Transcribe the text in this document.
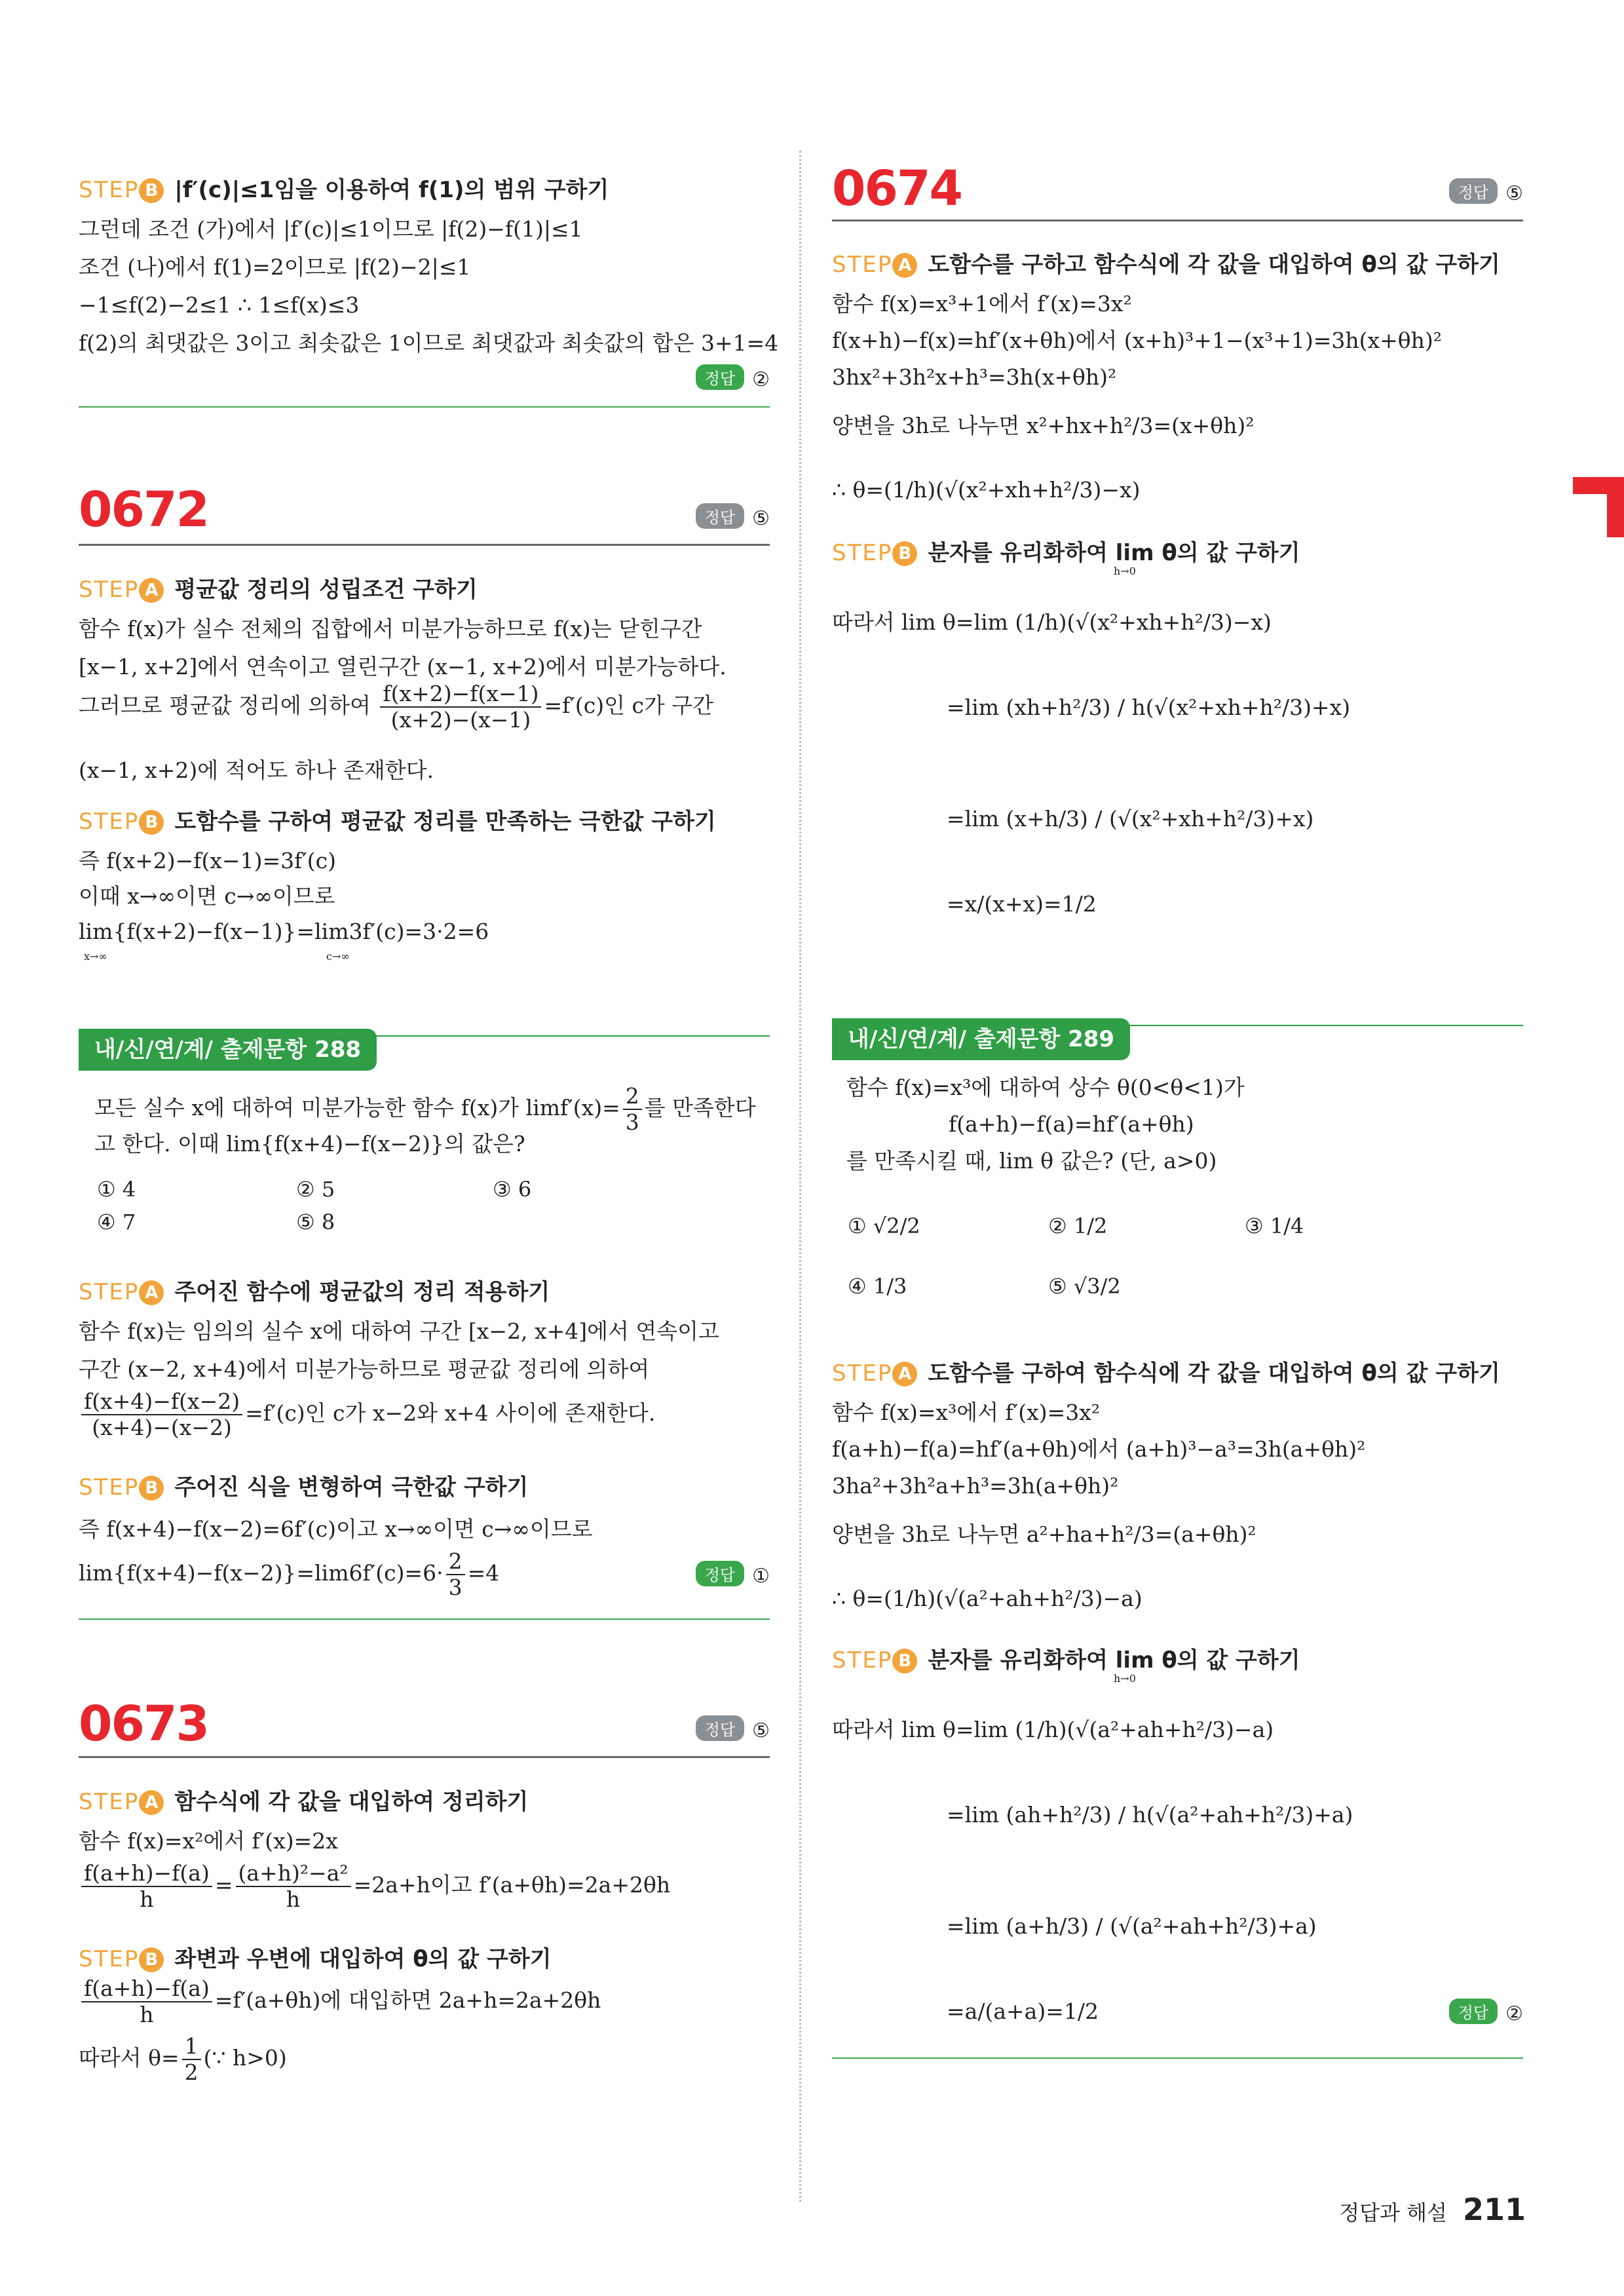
STEP B |f′(c)|≤1임을 이용하여 f(1)의 범위 구하기
그런데 조건 (가)에서 |f′(c)|≤1이므로 |f(2)−f(1)|≤1
조건 (나)에서 f(1)=2이므로 |f(2)−2|≤1
−1≤f(2)−2≤1 ∴ 1≤f(x)≤3
f(2)의 최댓값은 3이고 최솟값은 1이므로 최댓값과 최솟값의 합은 3+1=4
정답 ②
0672	정답 ⑤
STEP A 평균값 정리의 성립조건 구하기
함수 f(x)가 실수 전체의 집합에서 미분가능하므로 f(x)는 닫힌구간
[x−1, x+2]에서 연속이고 열린구간 (x−1, x+2)에서 미분가능하다.
그러므로 평균값 정리에 의하여 $\frac{f(x+2)-f(x-1)}{(x+2)-(x-1)} =f'(c)$인 c가 구간
(x−1, x+2)에 적어도 하나 존재한다.
STEP B 도함수를 구하여 평균값 정리를 만족하는 극한값 구하기
즉 f(x+2)−f(x−1)=3f′(c)
이때 x→∞이면 c→∞이므로
lim{f(x+2)−f(x−1)}=lim3f′(c)=3·2=6
x→∞	c→∞
내/신/연/계/ 출제문항 288
모든 실수 x에 대하여 미분가능한 함수 f(x)가 $\lim f'(x)= \frac{2}{3}$ 를 만족한다
고 한다. 이때 lim{f(x+4)−f(x−2)}의 값은?
① 4	② 5	③ 6
④ 7	⑤ 8
STEP A 주어진 함수에 평균값의 정리 적용하기
함수 f(x)는 임의의 실수 x에 대하여 구간 [x−2, x+4]에서 연속이고
구간 (x−2, x+4)에서 미분가능하므로 평균값 정리에 의하여
$\frac{f(x+4)-f(x-2)}{(x+4)-(x-2)} =f'(c)$인 c가 x−2와 x+4 사이에 존재한다.
STEP B 주어진 식을 변형하여 극한값 구하기
즉 f(x+4)−f(x−2)=6f′(c)이고 x→∞이면 c→∞이므로
$\lim\{f(x+4)-f(x-2)\}=\lim 6f'(c)=6\cdot \frac{2}{3} =4$	정답 ①
0673	정답 ⑤
STEP A 함수식에 각 값을 대입하여 정리하기
함수 f(x)=x²에서 f′(x)=2x
$\frac{f(a+h)-f(a)}{h} = \frac{\text{(a+h)²−a²}}{h} =2a+h$이고 f′(a+θh)=2a+2θh
STEP B 좌변과 우변에 대입하여 θ의 값 구하기
$\frac{f(a+h)-f(a)}{h} =f'(a+\theta h)$에 대입하면 2a+h=2a+2θh
따라서 $\theta= \frac{1}{2}$ (∵ h>0)
0674	정답 ⑤
STEP A 도함수를 구하고 함수식에 각 값을 대입하여 θ의 값 구하기
함수 f(x)=x³+1에서 f′(x)=3x²
f(x+h)−f(x)=hf′(x+θh)에서 (x+h)³+1−(x³+1)=3h(x+θh)²
3hx²+3h²x+h³=3h(x+θh)²
양변을 3h로 나누면 x²+hx+h²/3=(x+θh)²
∴ θ=(1/h)(√(x²+xh+h²/3)−x)
STEP B 분자를 유리화하여 lim θ의 값 구하기
h→0
따라서 lim θ=lim (1/h)(√(x²+xh+h²/3)−x)
=lim (xh+h²/3) / h(√(x²+xh+h²/3)+x)
=lim (x+h/3) / (√(x²+xh+h²/3)+x)
=x/(x+x)=1/2
내/신/연/계/ 출제문항 289
함수 f(x)=x³에 대하여 상수 θ(0<θ<1)가
f(a+h)−f(a)=hf′(a+θh)
를 만족시킬 때, lim θ 값은? (단, a>0)
① √2/2	② 1/2	③ 1/4
④ 1/3	⑤ √3/2
STEP A 도함수를 구하여 함수식에 각 값을 대입하여 θ의 값 구하기
함수 f(x)=x³에서 f′(x)=3x²
f(a+h)−f(a)=hf′(a+θh)에서 (a+h)³−a³=3h(a+θh)²
3ha²+3h²a+h³=3h(a+θh)²
양변을 3h로 나누면 a²+ha+h²/3=(a+θh)²
∴ θ=(1/h)(√(a²+ah+h²/3)−a)
STEP B 분자를 유리화하여 lim θ의 값 구하기
h→0
따라서 lim θ=lim (1/h)(√(a²+ah+h²/3)−a)
=lim (ah+h²/3) / h(√(a²+ah+h²/3)+a)
=lim (a+h/3) / (√(a²+ah+h²/3)+a)
=a/(a+a)=1/2	정답 ②
정답과 해설 211
